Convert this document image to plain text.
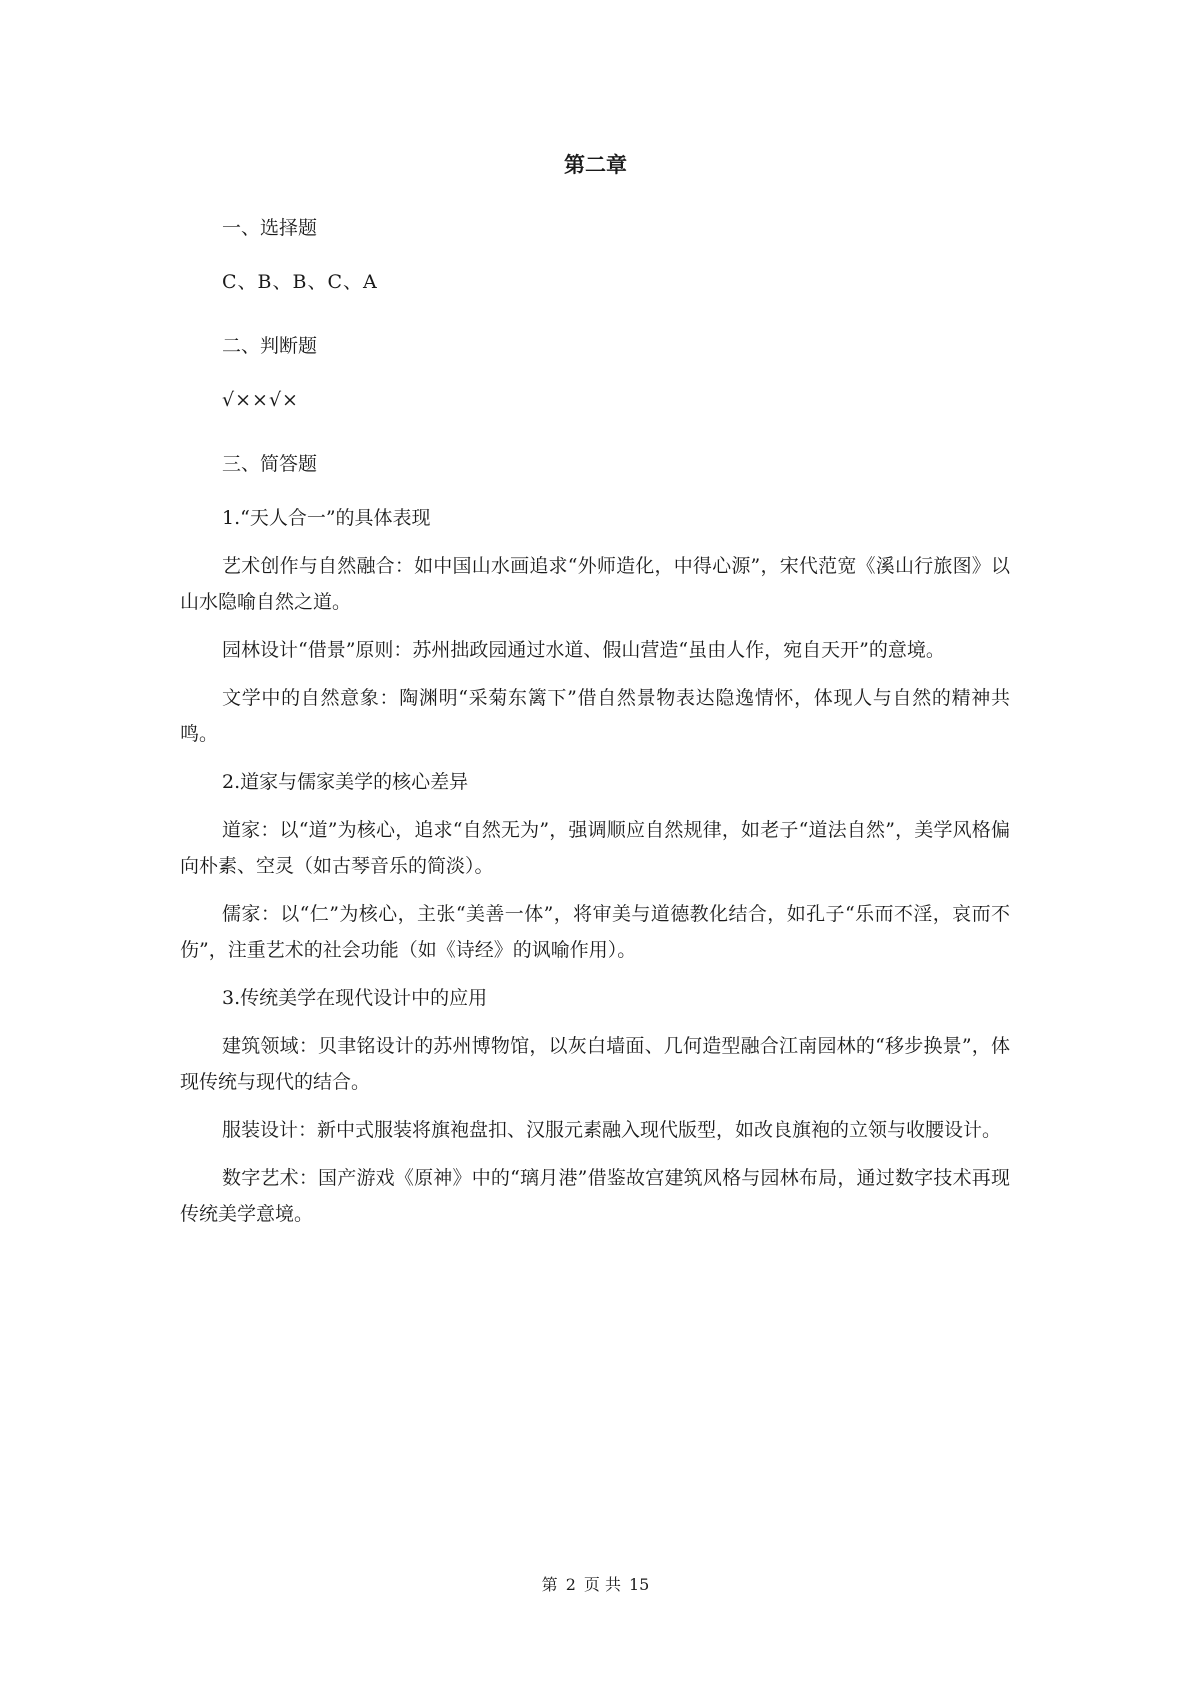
第二章

一、选择题

C、B、B、C、A

二、判断题

√××√×

三、简答题

1.“天人合一”的具体表现

艺术创作与自然融合：如中国山水画追求“外师造化，中得心源”，宋代范宽《溪山行旅图》以山水隐喻自然之道。

园林设计“借景”原则：苏州拙政园通过水道、假山营造“虽由人作，宛自天开”的意境。

文学中的自然意象：陶渊明“采菊东篱下”借自然景物表达隐逸情怀，体现人与自然的精神共鸣。

2.道家与儒家美学的核心差异

道家：以“道”为核心，追求“自然无为”，强调顺应自然规律，如老子“道法自然”，美学风格偏向朴素、空灵（如古琴音乐的简淡）。

儒家：以“仁”为核心，主张“美善一体”，将审美与道德教化结合，如孔子“乐而不淫，哀而不伤”，注重艺术的社会功能（如《诗经》的讽喻作用）。

3.传统美学在现代设计中的应用

建筑领域：贝聿铭设计的苏州博物馆，以灰白墙面、几何造型融合江南园林的“移步换景”，体现传统与现代的结合。

服装设计：新中式服装将旗袍盘扣、汉服元素融入现代版型，如改良旗袍的立领与收腰设计。

数字艺术：国产游戏《原神》中的“璃月港”借鉴故宫建筑风格与园林布局，通过数字技术再现传统美学意境。

第 2 页 共 15
